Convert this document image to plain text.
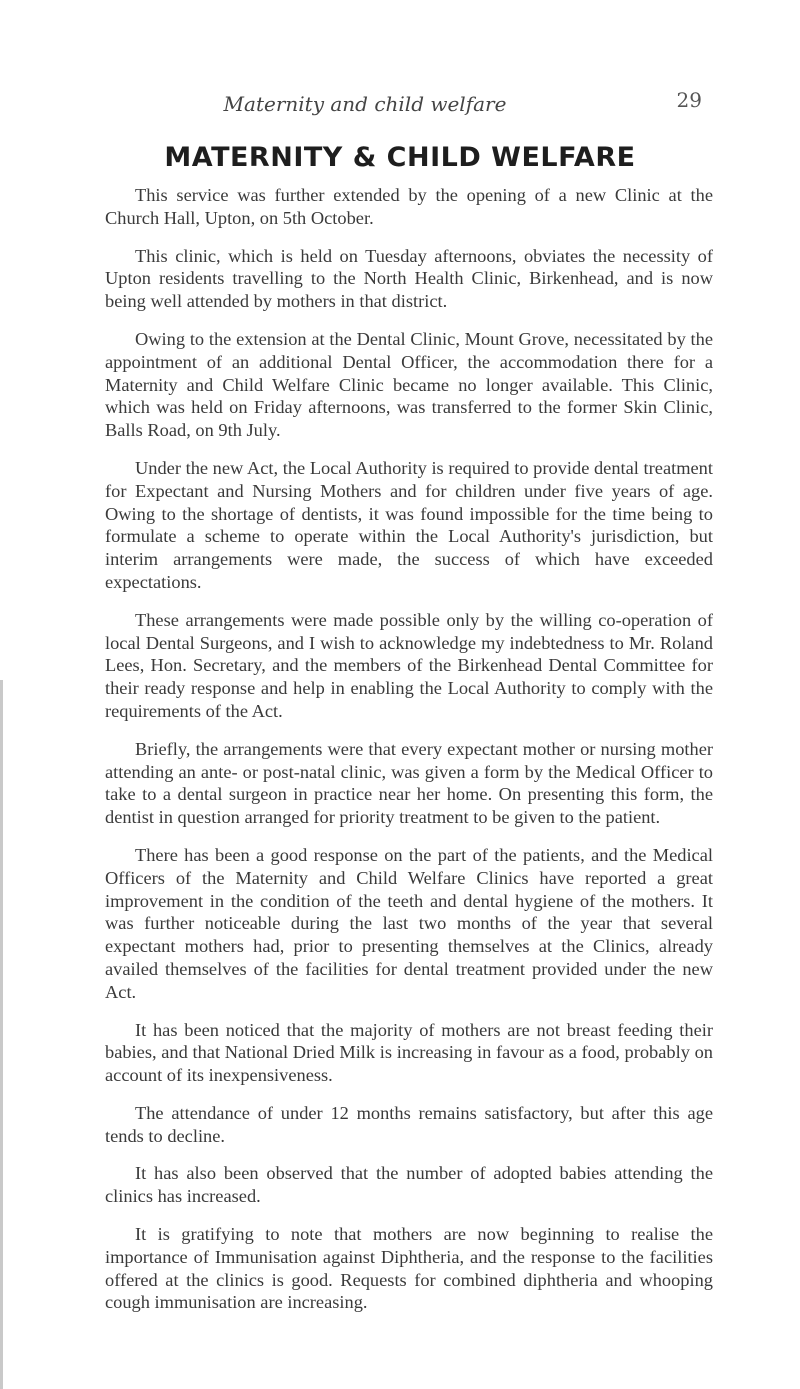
Maternity and child welfare	29
MATERNITY & CHILD WELFARE

This service was further extended by the opening of a new Clinic at the Church Hall, Upton, on 5th October.

This clinic, which is held on Tuesday afternoons, obviates the necessity of Upton residents travelling to the North Health Clinic, Birkenhead, and is now being well attended by mothers in that district.

Owing to the extension at the Dental Clinic, Mount Grove, necessitated by the appointment of an additional Dental Officer, the accommodation there for a Maternity and Child Welfare Clinic became no longer available. This Clinic, which was held on Friday afternoons, was transferred to the former Skin Clinic, Balls Road, on 9th July.

Under the new Act, the Local Authority is required to provide dental treatment for Expectant and Nursing Mothers and for children under five years of age. Owing to the shortage of dentists, it was found impossible for the time being to formulate a scheme to operate within the Local Authority's jurisdiction, but interim arrangements were made, the success of which have exceeded expectations.

These arrangements were made possible only by the willing co-operation of local Dental Surgeons, and I wish to acknowledge my indebtedness to Mr. Roland Lees, Hon. Secretary, and the members of the Birkenhead Dental Committee for their ready response and help in enabling the Local Authority to comply with the requirements of the Act.

Briefly, the arrangements were that every expectant mother or nursing mother attending an ante- or post-natal clinic, was given a form by the Medical Officer to take to a dental surgeon in practice near her home. On presenting this form, the dentist in question arranged for priority treatment to be given to the patient.

There has been a good response on the part of the patients, and the Medical Officers of the Maternity and Child Welfare Clinics have reported a great improvement in the condition of the teeth and dental hygiene of the mothers. It was further noticeable during the last two months of the year that several expectant mothers had, prior to presenting themselves at the Clinics, already availed themselves of the facilities for dental treatment provided under the new Act.

It has been noticed that the majority of mothers are not breast feeding their babies, and that National Dried Milk is increasing in favour as a food, probably on account of its inexpensiveness.

The attendance of under 12 months remains satisfactory, but after this age tends to decline.

It has also been observed that the number of adopted babies attending the clinics has increased.

It is gratifying to note that mothers are now beginning to realise the importance of Immunisation against Diphtheria, and the response to the facilities offered at the clinics is good. Requests for combined diphtheria and whooping cough immunisation are increasing.
